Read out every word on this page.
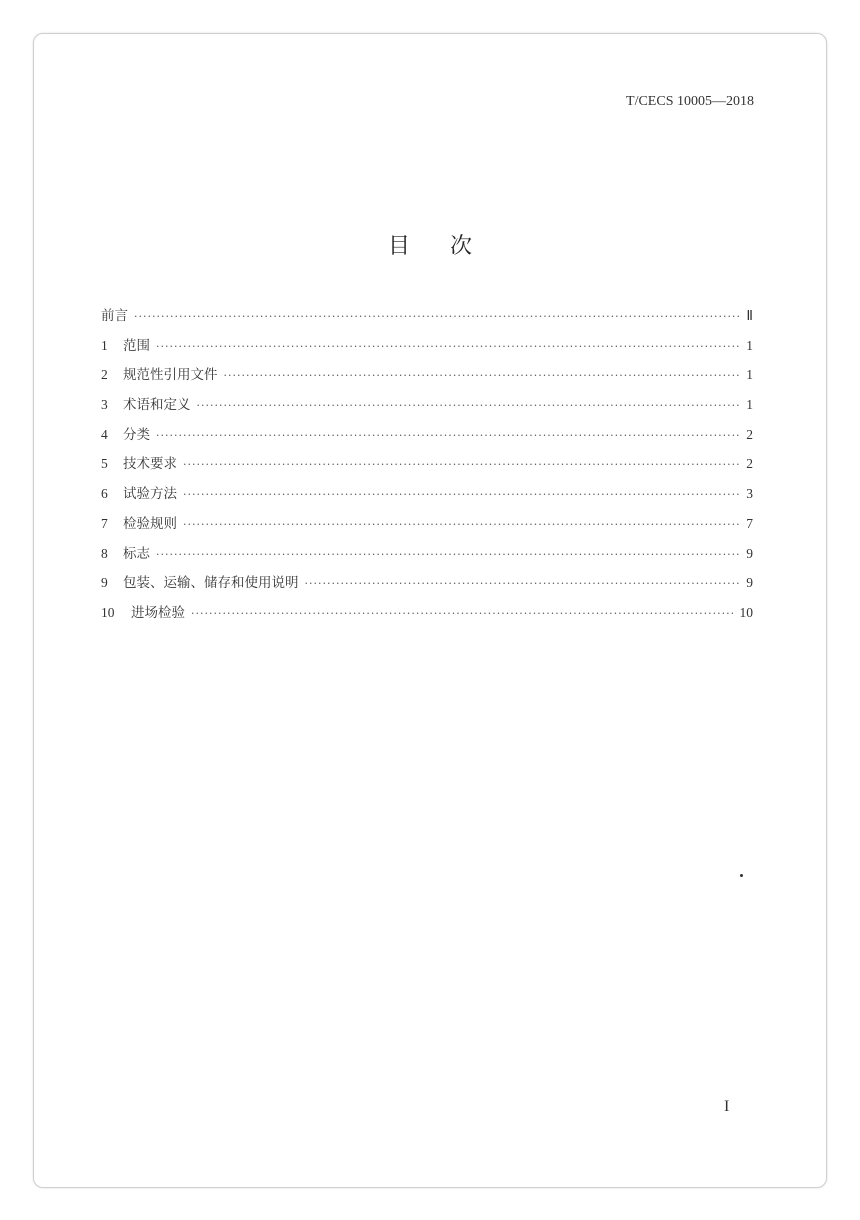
T/CECS 10005—2018
目次
前言 ·····	Ⅱ
1	范围 ·····	1
2	规范性引用文件 ·····	1
3	术语和定义 ·····	1
4	分类 ·····	2
5	技术要求 ·····	2
6	试验方法 ·····	3
7	检验规则 ·····	7
8	标志 ·····	9
9	包装、运输、储存和使用说明 ·····	9
10	进场检验 ·····	10
I
